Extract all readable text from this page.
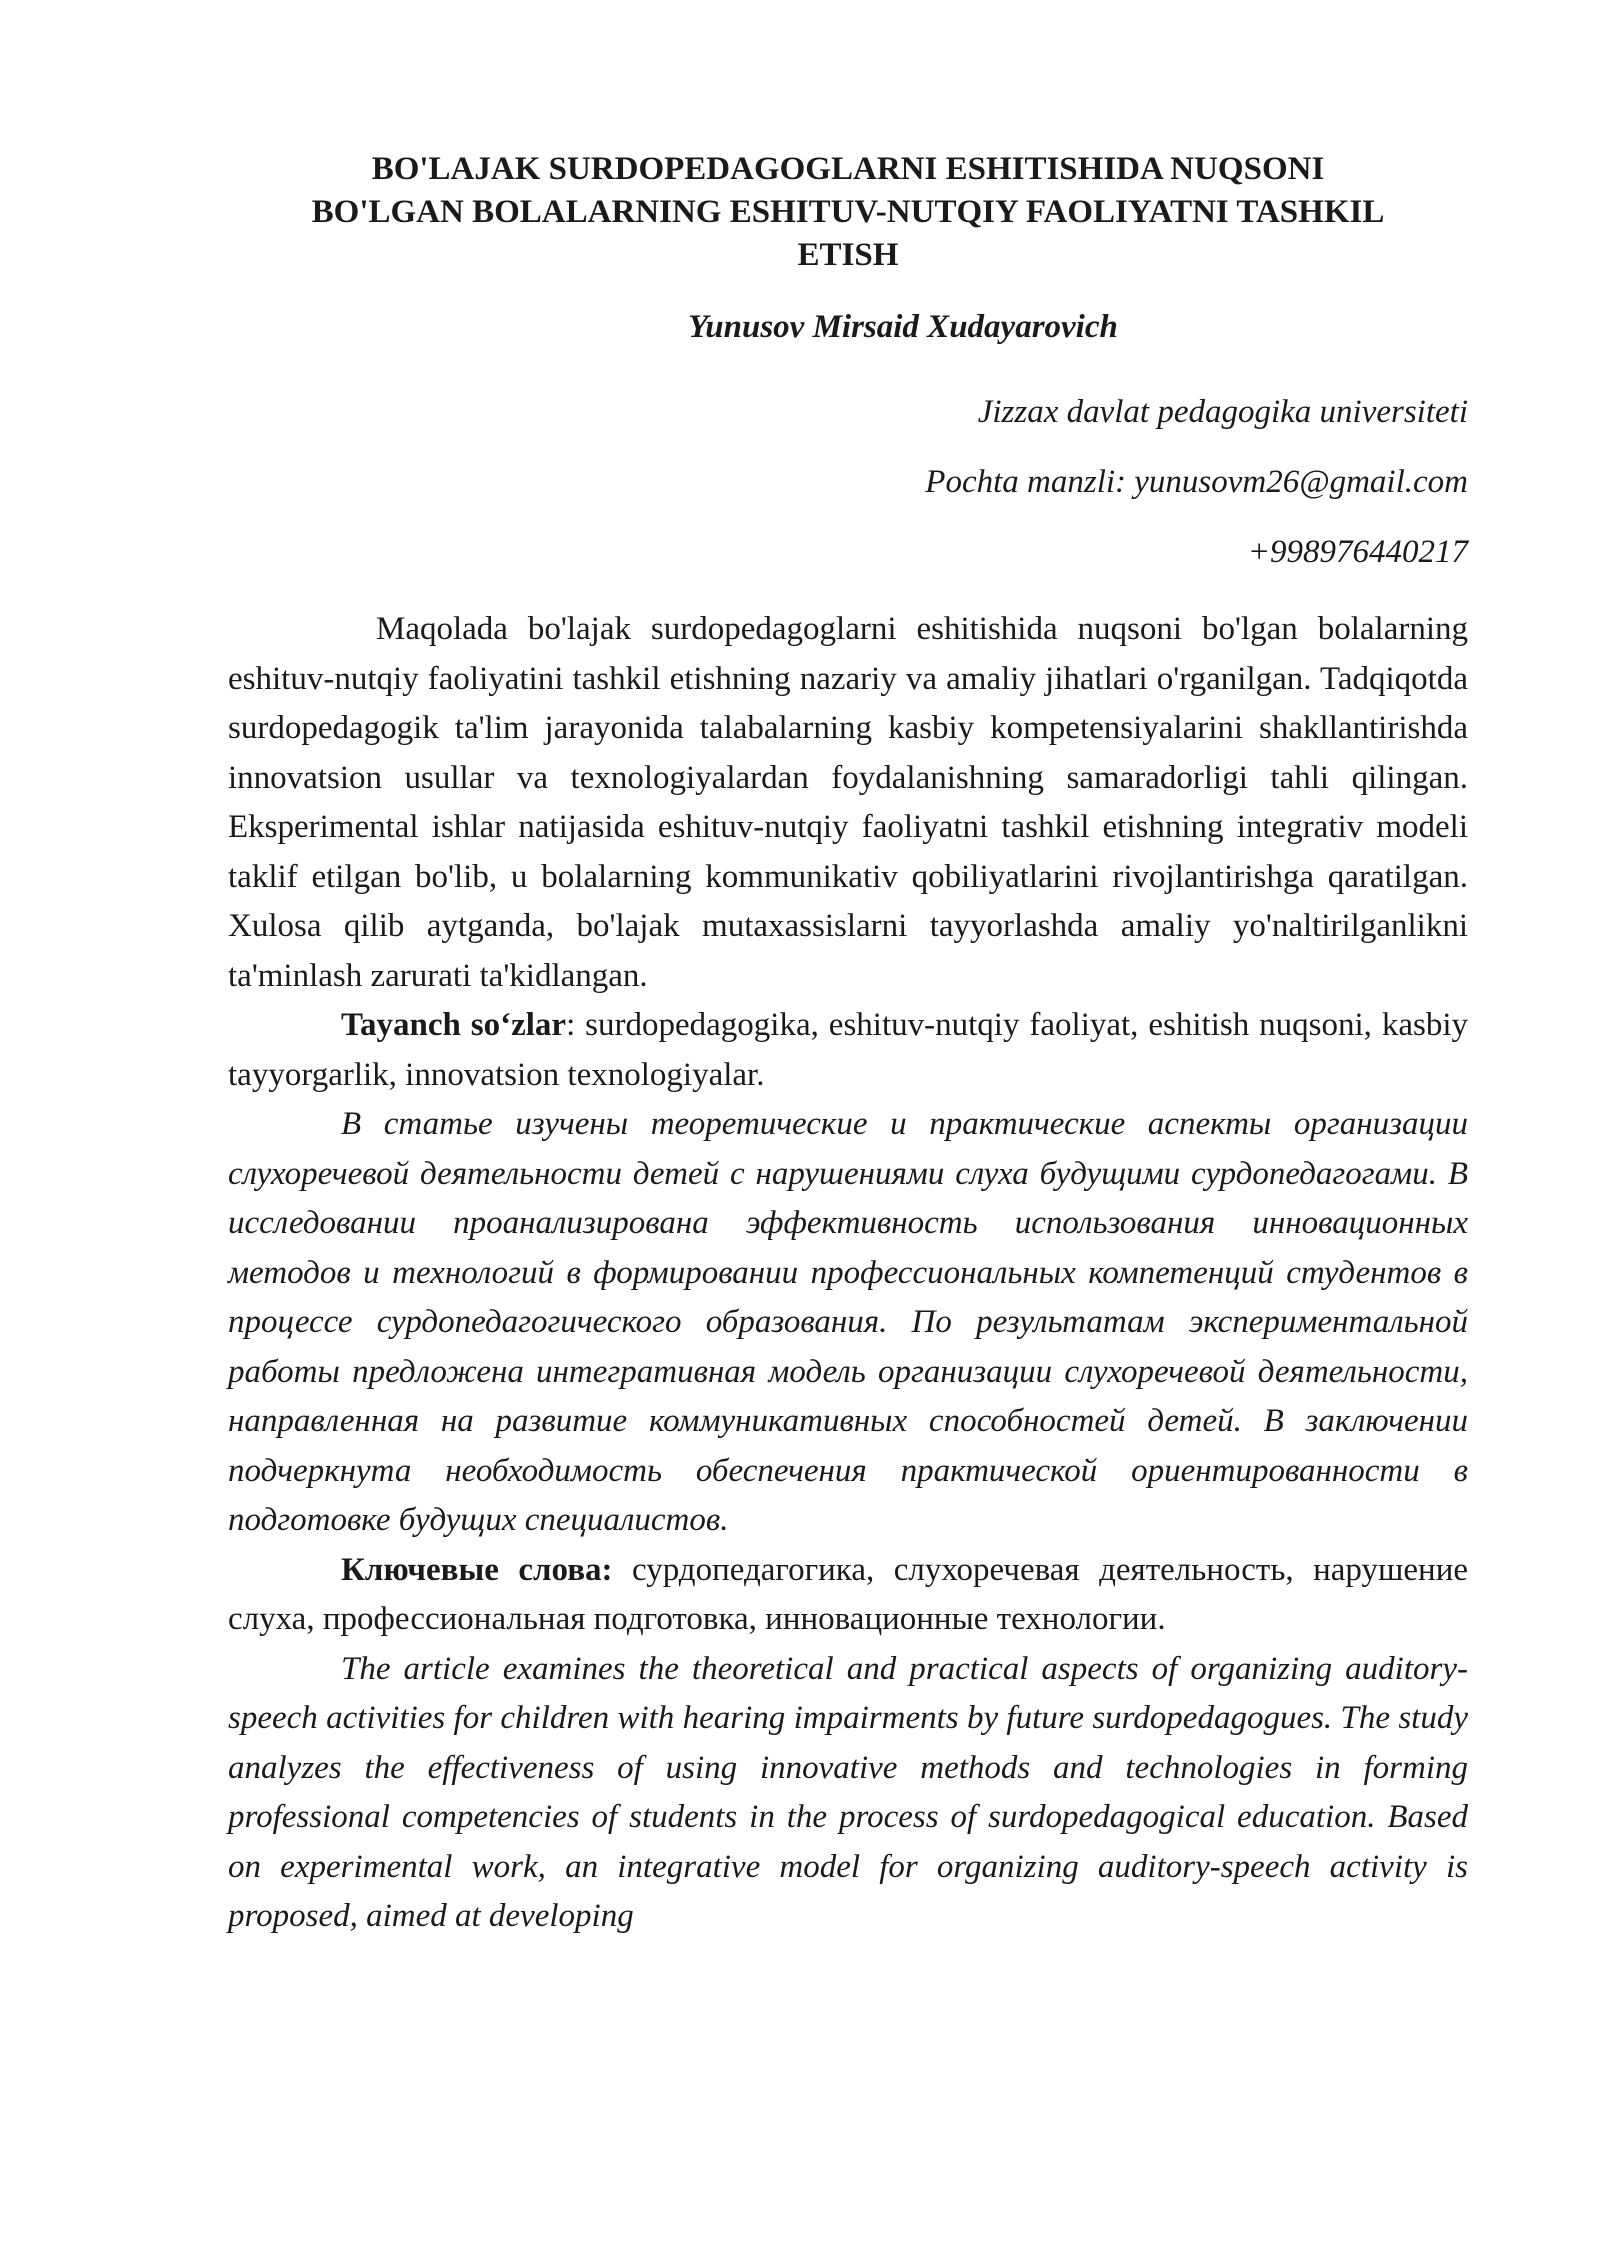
BO'LAJAK SURDOPEDAGOGLARNI ESHITISHIDA NUQSONI
BO'LGAN BOLALARNING ESHITUV-NUTQIY FAOLIYATNI TASHKIL
ETISH
Yunusov Mirsaid Xudayarovich

Jizzax davlat pedagogika universiteti

Pochta manzli: yunusovm26@gmail.com

+998976440217

Maqolada bo'lajak surdopedagoglarni eshitishida nuqsoni bo'lgan bolalarning eshituv-nutqiy faoliyatini tashkil etishning nazariy va amaliy jihatlari o'rganilgan. Tadqiqotda surdopedagogik ta'lim jarayonida talabalarning kasbiy kompetensiyalarini shakllantirishda innovatsion usullar va texnologiyalardan foydalanishning samaradorligi tahli qilingan. Eksperimental ishlar natijasida eshituv-nutqiy faoliyatni tashkil etishning integrativ modeli taklif etilgan bo'lib, u bolalarning kommunikativ qobiliyatlarini rivojlantirishga qaratilgan. Xulosa qilib aytganda, bo'lajak mutaxassislarni tayyorlashda amaliy yo'naltirilganlikni ta'minlash zarurati ta'kidlangan.

Tayanch so‘zlar: surdopedagogika, eshituv-nutqiy faoliyat, eshitish nuqsoni, kasbiy tayyorgarlik, innovatsion texnologiyalar.

В статье изучены теоретические и практические аспекты организации слухоречевой деятельности детей с нарушениями слуха будущими сурдопедагогами. В исследовании проанализирована эффективность использования инновационных методов и технологий в формировании профессиональных компетенций студентов в процессе сурдопедагогического образования. По результатам экспериментальной работы предложена интегративная модель организации слухоречевой деятельности, направленная на развитие коммуникативных способностей детей. В заключении подчеркнута необходимость обеспечения практической ориентированности в подготовке будущих специалистов.

Ключевые слова: сурдопедагогика, слухоречевая деятельность, нарушение слуха, профессиональная подготовка, инновационные технологии.

The article examines the theoretical and practical aspects of organizing auditory-speech activities for children with hearing impairments by future surdopedagogues. The study analyzes the effectiveness of using innovative methods and technologies in forming professional competencies of students in the process of surdopedagogical education. Based on experimental work, an integrative model for organizing auditory-speech activity is proposed, aimed at developing
